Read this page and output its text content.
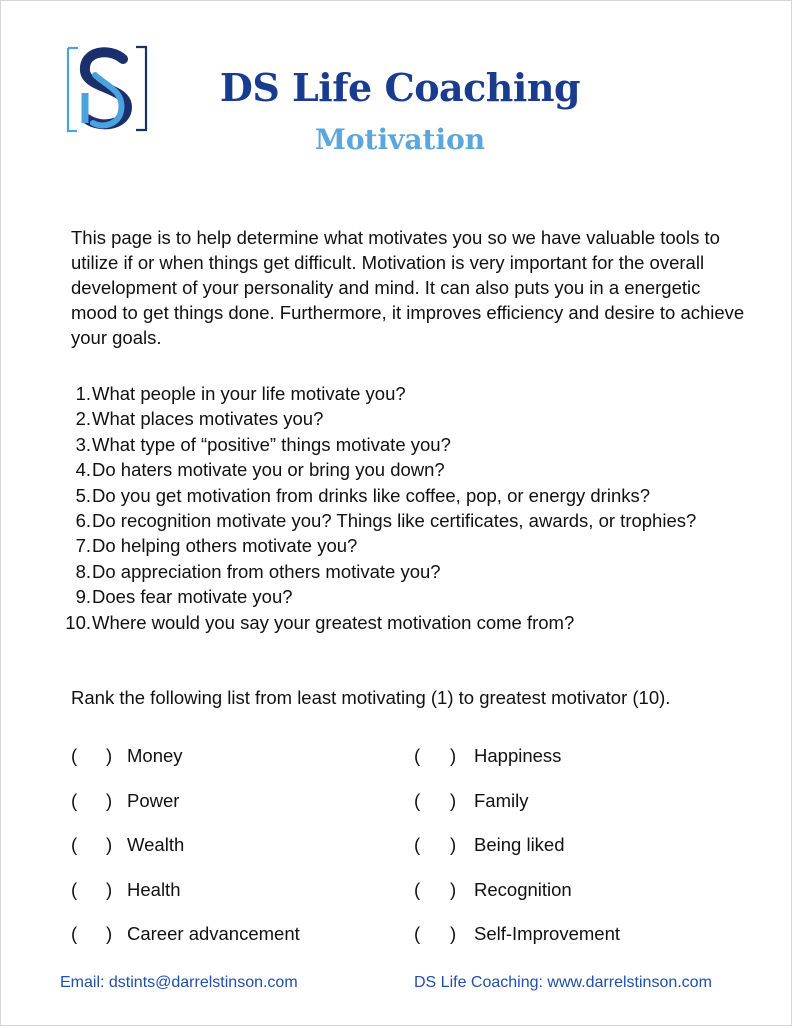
DS Life Coaching
Motivation
This page is to help determine what motivates you so we have valuable tools to utilize if or when things get difficult. Motivation is very important for the overall development of your personality and mind. It can also puts you in a energetic mood to get things done. Furthermore, it improves efficiency and desire to achieve your goals.
1. What people in your life motivate you?
2. What places motivates you?
3. What type of “positive” things motivate you?
4. Do haters motivate you or bring you down?
5. Do you get motivation from drinks like coffee, pop, or energy drinks?
6. Do recognition motivate you? Things like certificates, awards, or trophies?
7. Do helping others motivate you?
8. Do appreciation from others motivate you?
9. Does fear motivate you?
10. Where would you say your greatest motivation come from?
Rank the following list from least motivating (1) to greatest motivator (10).
( ) Money
( ) Power
( ) Wealth
( ) Health
( ) Career advancement
( ) Happiness
( ) Family
( ) Being liked
( ) Recognition
( ) Self-Improvement
Email: dstints@darrelstinson.com	DS Life Coaching: www.darrelstinson.com
